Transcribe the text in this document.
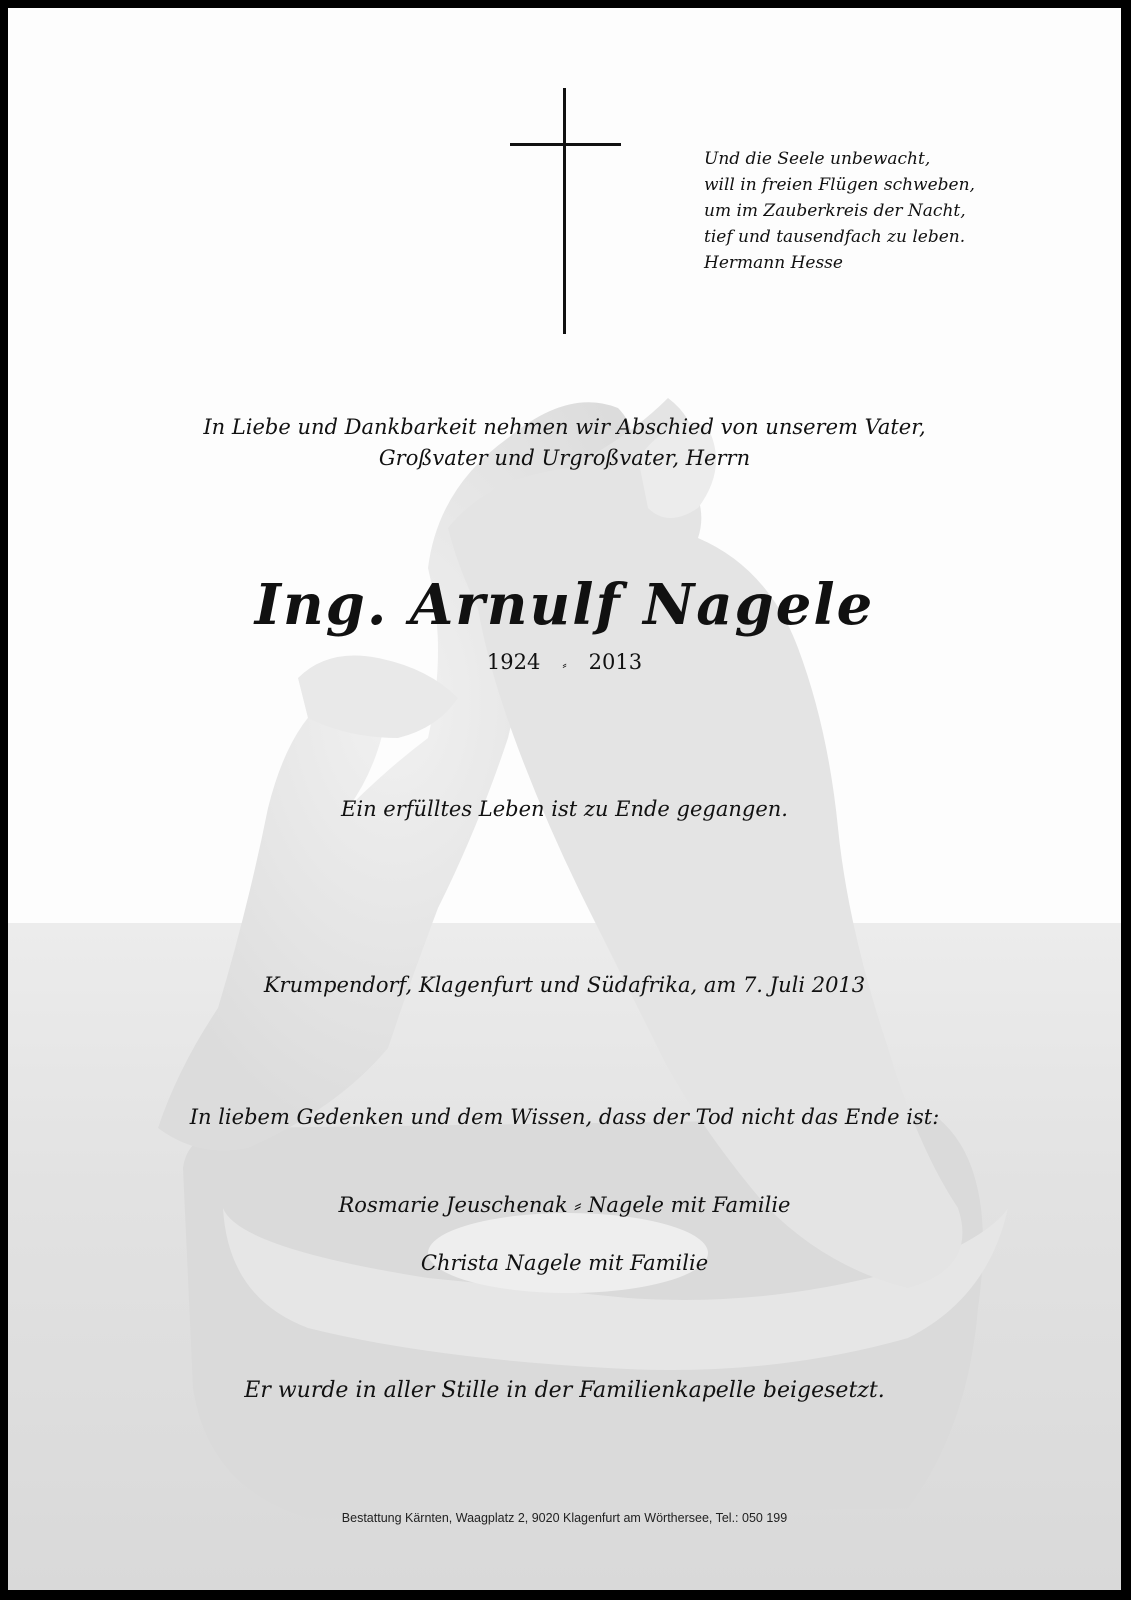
Und die Seele unbewacht,
will in freien Flügen schweben,
um im Zauberkreis der Nacht,
tief und tausendfach zu leben.
Hermann Hesse
In Liebe und Dankbarkeit nehmen wir Abschied von unserem Vater,
Großvater und Urgroßvater, Herrn
Ing. Arnulf Nagele
1924 ⸗ 2013
Ein erfülltes Leben ist zu Ende gegangen.
Krumpendorf, Klagenfurt und Südafrika, am 7. Juli 2013
In liebem Gedenken und dem Wissen, dass der Tod nicht das Ende ist:
Rosmarie Jeuschenak ⸗ Nagele mit Familie
Christa Nagele mit Familie
Er wurde in aller Stille in der Familienkapelle beigesetzt.
Bestattung Kärnten, Waagplatz 2, 9020 Klagenfurt am Wörthersee, Tel.: 050 199
